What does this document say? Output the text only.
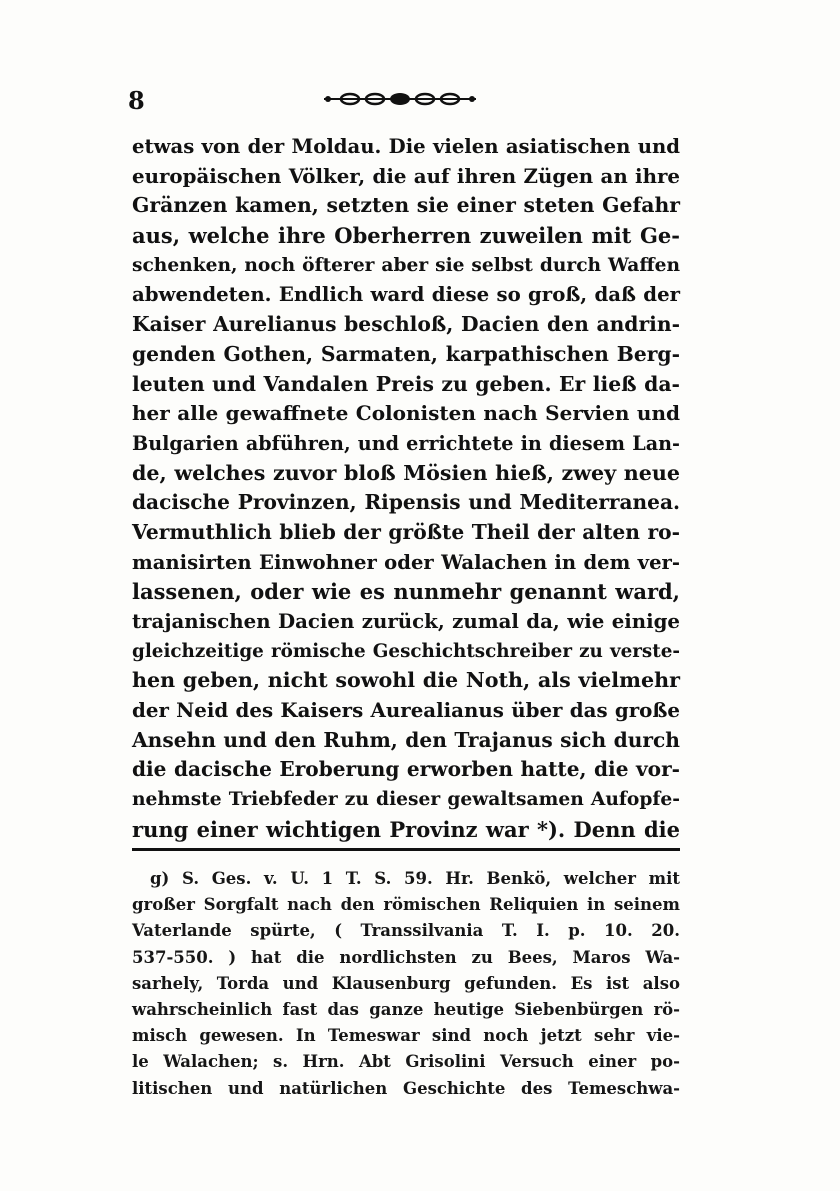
8
etwas von der Moldau. Die vielen asiatischen und
europäischen Völker, die auf ihren Zügen an ihre
Gränzen kamen, setzten sie einer steten Gefahr
aus, welche ihre Oberherren zuweilen mit Ge-
schenken, noch öfterer aber sie selbst durch Waffen
abwendeten. Endlich ward diese so groß, daß der
Kaiser Aurelianus beschloß, Dacien den andrin-
genden Gothen, Sarmaten, karpathischen Berg-
leuten und Vandalen Preis zu geben. Er ließ da-
her alle gewaffnete Colonisten nach Servien und
Bulgarien abführen, und errichtete in diesem Lan-
de, welches zuvor bloß Mösien hieß, zwey neue
dacische Provinzen, Ripensis und Mediterranea.
Vermuthlich blieb der größte Theil der alten ro-
manisirten Einwohner oder Walachen in dem ver-
lassenen, oder wie es nunmehr genannt ward,
trajanischen Dacien zurück, zumal da, wie einige
gleichzeitige römische Geschichtschreiber zu verste-
hen geben, nicht sowohl die Noth, als vielmehr
der Neid des Kaisers Aurealianus über das große
Ansehn und den Ruhm, den Trajanus sich durch
die dacische Eroberung erworben hatte, die vor-
nehmste Triebfeder zu dieser gewaltsamen Aufopfe-
rung einer wichtigen Provinz war *). Denn die
g) S. Ges. v. U. 1 T. S. 59. Hr. Benkö, welcher mit
großer Sorgfalt nach den römischen Reliquien in seinem
Vaterlande spürte, ( Transsilvania T. I. p. 10. 20.
537-550. ) hat die nordlichsten zu Bees, Maros Wa-
sarhely, Torda und Klausenburg gefunden. Es ist also
wahrscheinlich fast das ganze heutige Siebenbürgen rö-
misch gewesen. In Temeswar sind noch jetzt sehr vie-
le Walachen; s. Hrn. Abt Grisolini Versuch einer po-
litischen und natürlichen Geschichte des Temeschwa-
